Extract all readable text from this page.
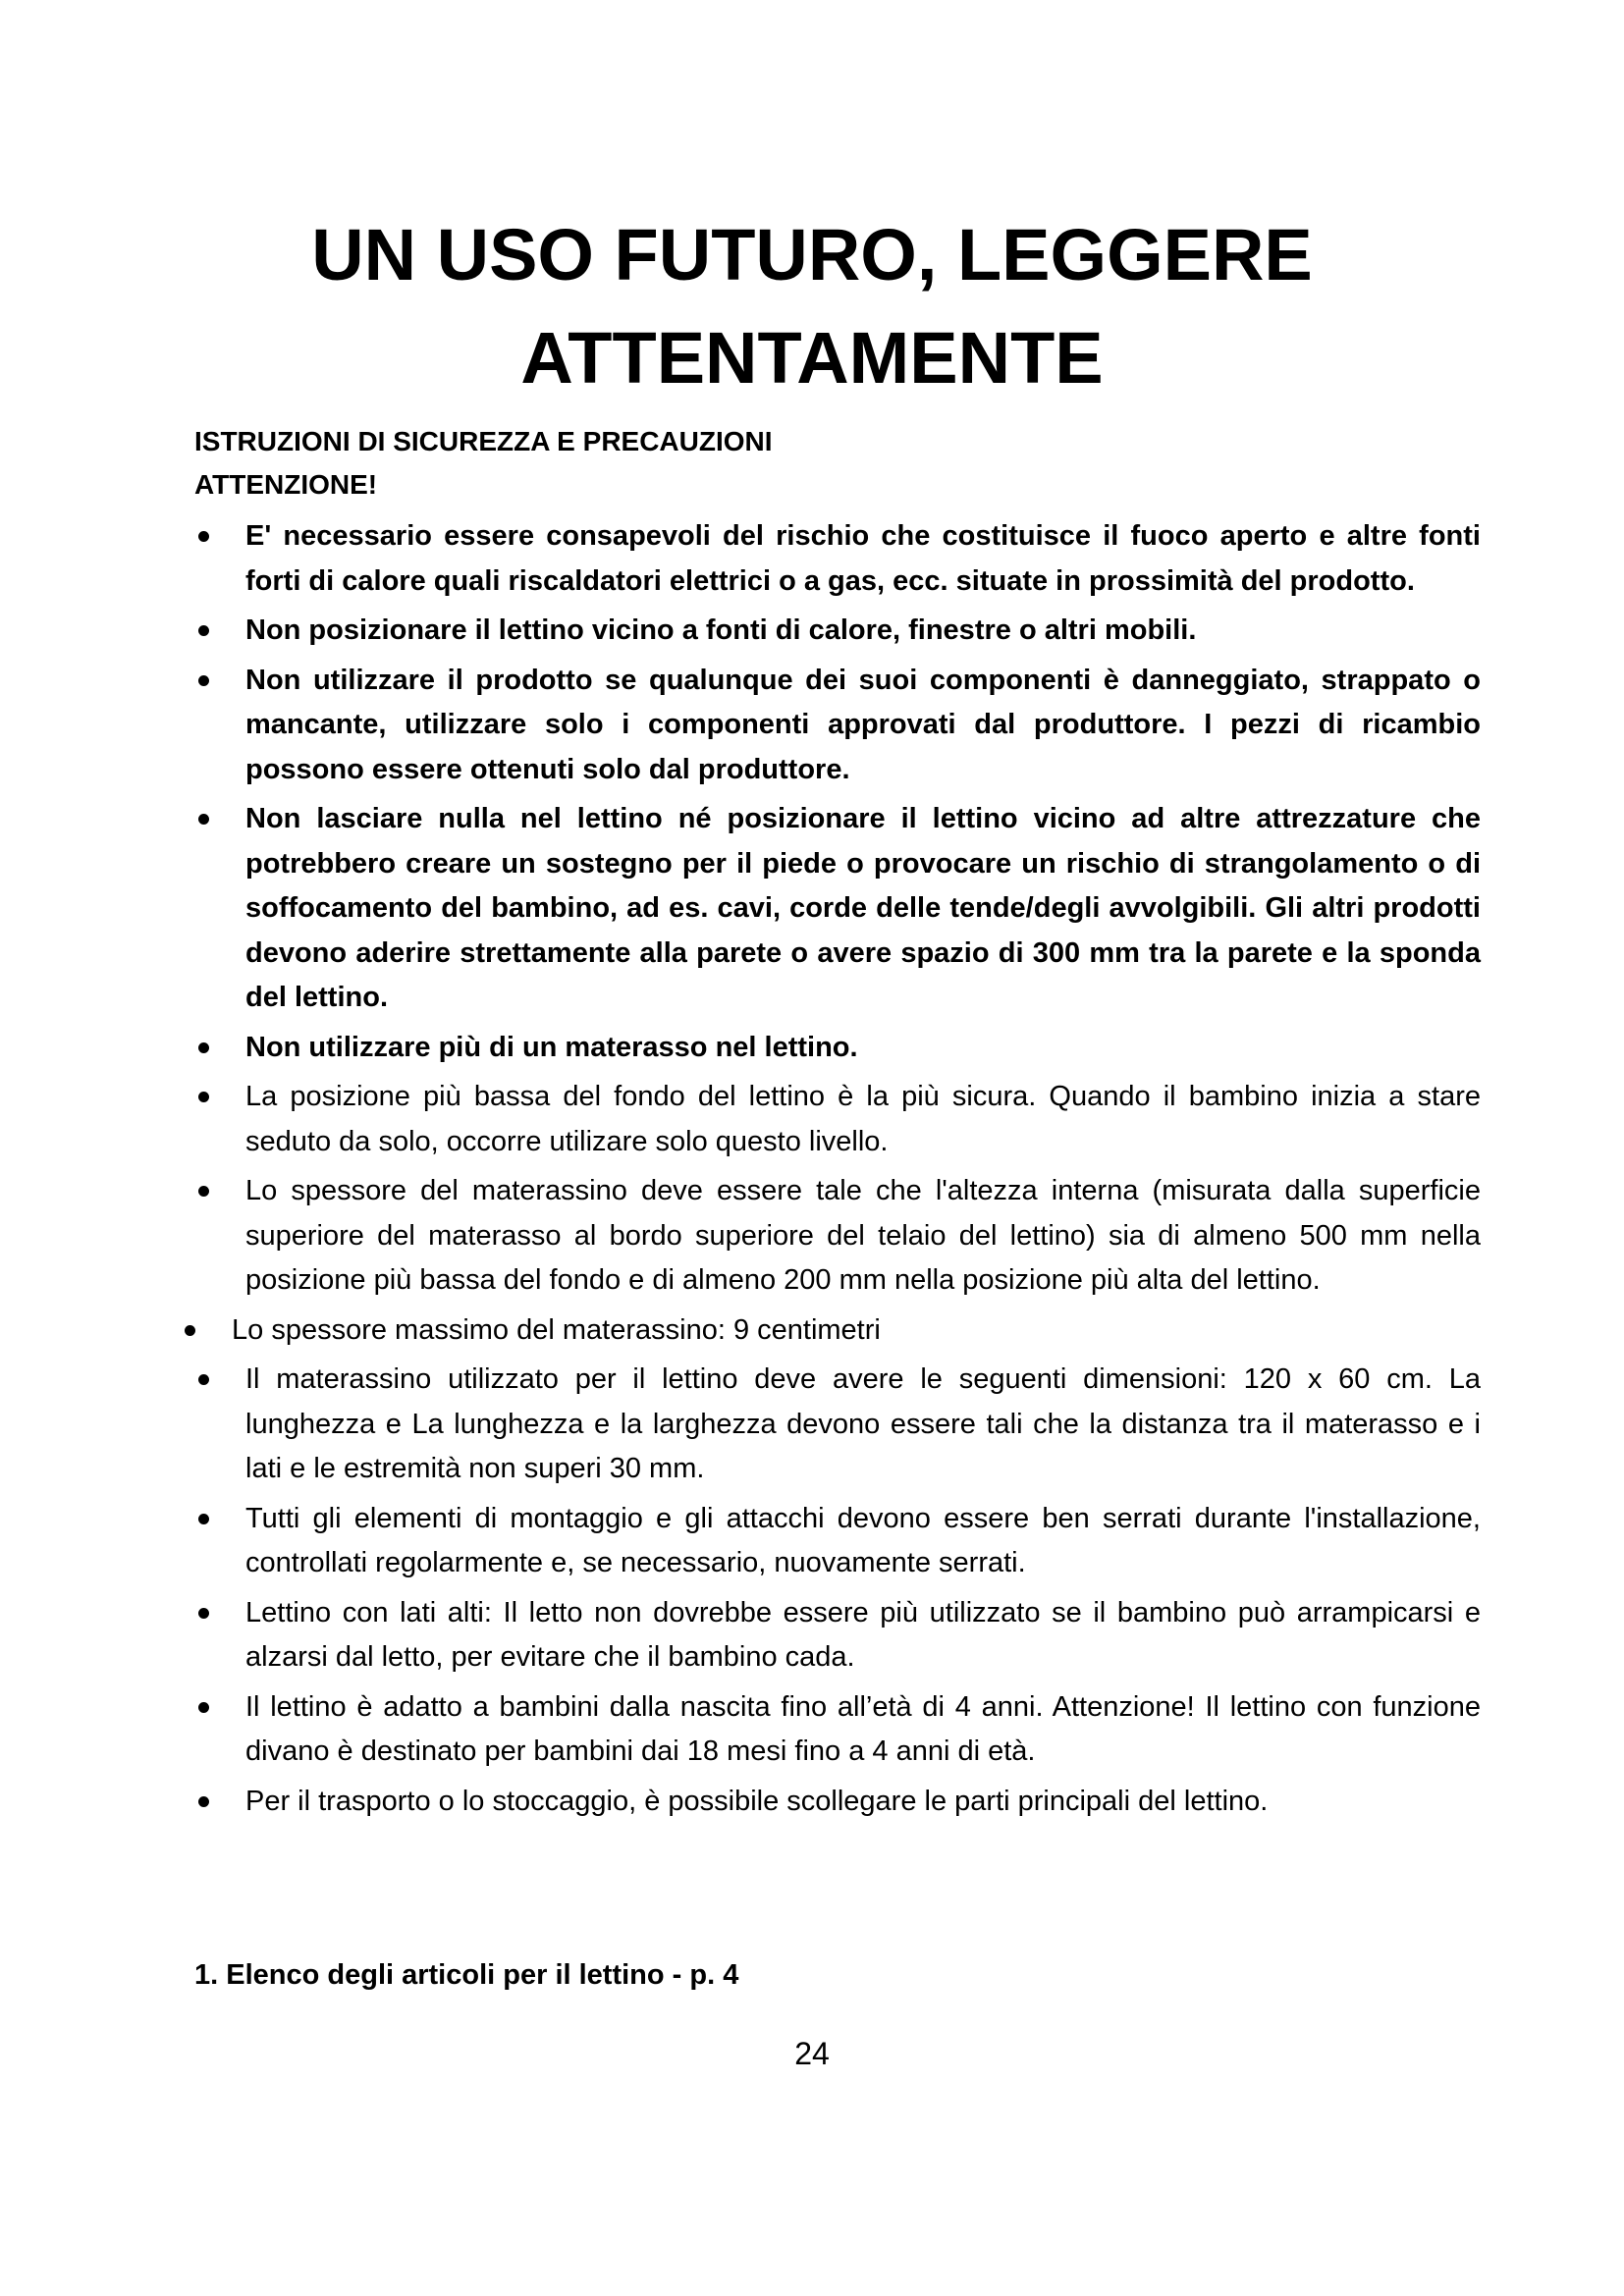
UN USO FUTURO, LEGGERE
ATTENTAMENTE

ISTRUZIONI DI SICUREZZA E PRECAUZIONI

ATTENZIONE!

E' necessario essere consapevoli del rischio che costituisce il fuoco aperto e altre fonti forti di calore quali riscaldatori elettrici o a gas, ecc. situate in prossimità del prodotto.
Non posizionare il lettino vicino a fonti di calore, finestre o altri mobili.
Non utilizzare il prodotto se qualunque dei suoi componenti è danneggiato, strappato o mancante, utilizzare solo i componenti approvati dal produttore. I pezzi di ricambio possono essere ottenuti solo dal produttore.
Non lasciare nulla nel lettino né posizionare il lettino vicino ad altre attrezzature che potrebbero creare un sostegno per il piede o provocare un rischio di strangolamento o di soffocamento del bambino, ad es. cavi, corde delle tende/degli avvolgibili. Gli altri prodotti devono aderire strettamente alla parete o avere spazio di 300 mm tra la parete e la sponda del lettino.
Non utilizzare più di un materasso nel lettino.
La posizione più bassa del fondo del lettino è la più sicura. Quando il bambino inizia a stare seduto da solo, occorre utilizare solo questo livello.
Lo spessore del materassino deve essere tale che l'altezza interna (misurata dalla superficie superiore del materasso al bordo superiore del telaio del lettino) sia di almeno 500 mm nella posizione più bassa del fondo e di almeno 200 mm nella posizione più alta del lettino.
Lo spessore massimo del materassino: 9 centimetri
Il materassino utilizzato per il lettino deve avere le seguenti dimensioni: 120 x 60 cm. La lunghezza e La lunghezza e la larghezza devono essere tali che la distanza tra il materasso e i lati e le estremità non superi 30 mm.
Tutti gli elementi di montaggio e gli attacchi devono essere ben serrati durante l'installazione, controllati regolarmente e, se necessario, nuovamente serrati.
Lettino con lati alti: Il letto non dovrebbe essere più utilizzato se il bambino può arrampicarsi e alzarsi dal letto, per evitare che il bambino cada.
Il lettino è adatto a bambini dalla nascita fino all’età di 4 anni. Attenzione! Il lettino con funzione divano è destinato per bambini dai 18 mesi fino a 4 anni di età.
Per il trasporto o lo stoccaggio, è possibile scollegare le parti principali del lettino.

1. Elenco degli articoli per il lettino - p. 4

24
